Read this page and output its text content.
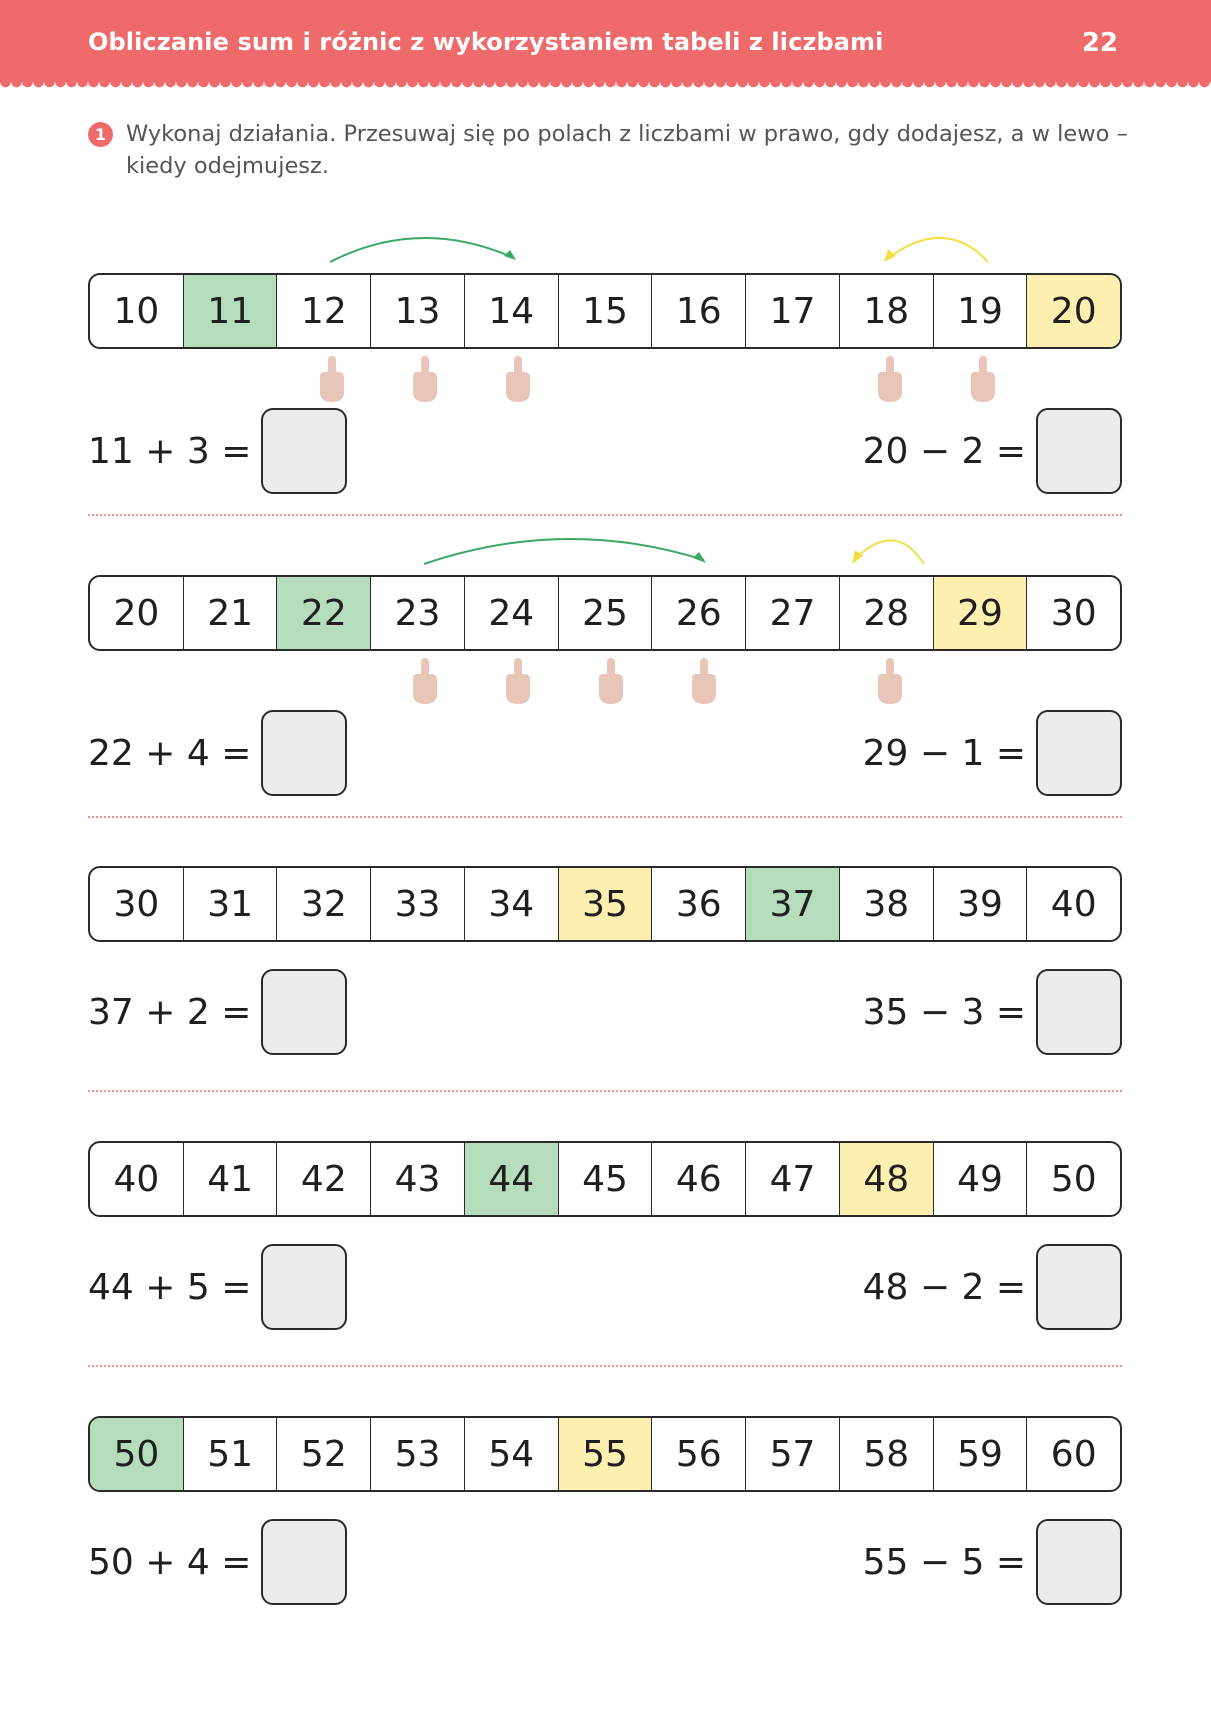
Obliczanie sum i różnic z wykorzystaniem tabeli z liczbami	22
1 Wykonaj działania. Przesuwaj się po polach z liczbami w prawo, gdy dodajesz, a w lewo – kiedy odejmujesz.
10	11	12	13	14	15	16	17	18	19	20
11 + 3 =	20 − 2 =
20	21	22	23	24	25	26	27	28	29	30
22 + 4 =	29 − 1 =
30	31	32	33	34	35	36	37	38	39	40
37 + 2 =	35 − 3 =
40	41	42	43	44	45	46	47	48	49	50
44 + 5 =	48 − 2 =
50	51	52	53	54	55	56	57	58	59	60
50 + 4 =	55 − 5 =
